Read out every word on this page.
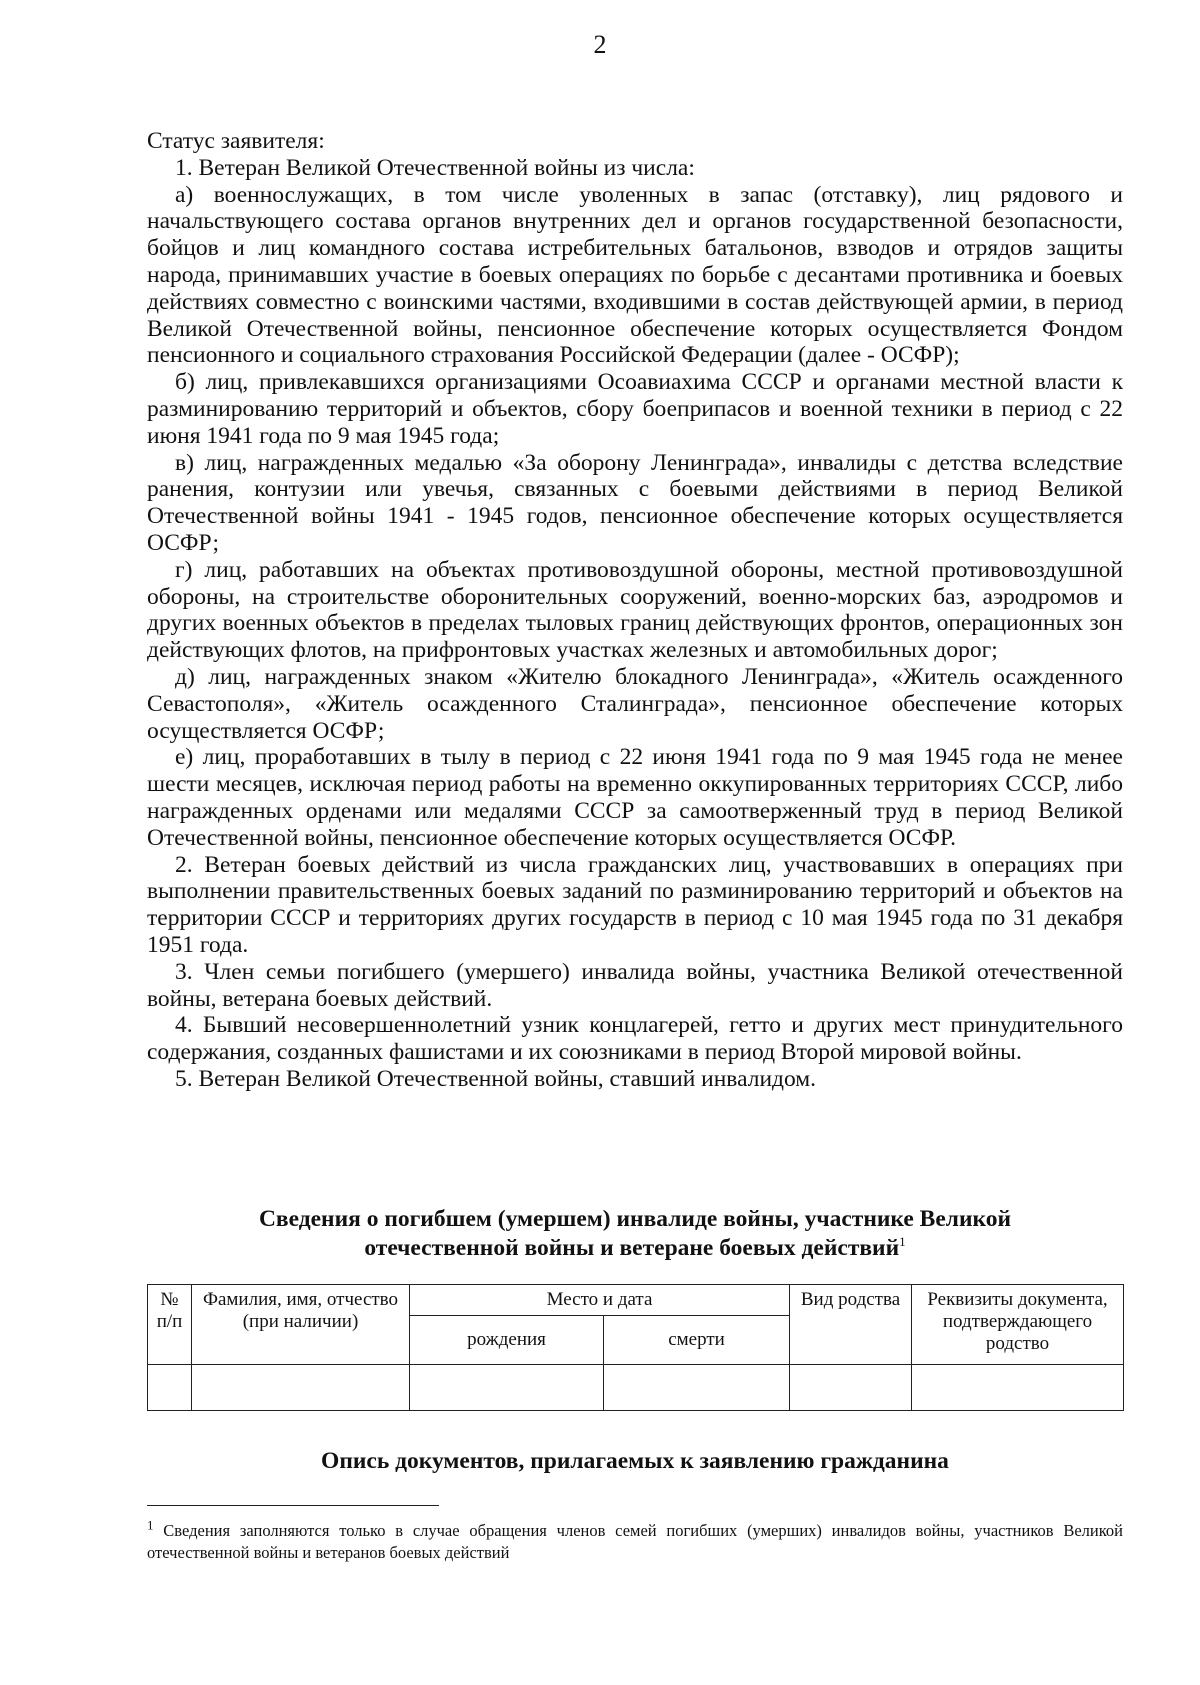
2

Статус заявителя:

1. Ветеран Великой Отечественной войны из числа:

а) военнослужащих, в том числе уволенных в запас (отставку), лиц рядового и начальствующего состава органов внутренних дел и органов государственной безопасности, бойцов и лиц командного состава истребительных батальонов, взводов и отрядов защиты народа, принимавших участие в боевых операциях по борьбе с десантами противника и боевых действиях совместно с воинскими частями, входившими в состав действующей армии, в период Великой Отечественной войны, пенсионное обеспечение которых осуществляется Фондом пенсионного и социального страхования Российской Федерации (далее - ОСФР);

б) лиц, привлекавшихся организациями Осоавиахима СССР и органами местной власти к разминированию территорий и объектов, сбору боеприпасов и военной техники в период с 22 июня 1941 года по 9 мая 1945 года;

в) лиц, награжденных медалью «За оборону Ленинграда», инвалиды с детства вследствие ранения, контузии или увечья, связанных с боевыми действиями в период Великой Отечественной войны 1941 - 1945 годов, пенсионное обеспечение которых осуществляется ОСФР;

г) лиц, работавших на объектах противовоздушной обороны, местной противовоздушной обороны, на строительстве оборонительных сооружений, военно-морских баз, аэродромов и других военных объектов в пределах тыловых границ действующих фронтов, операционных зон действующих флотов, на прифронтовых участках железных и автомобильных дорог;

д) лиц, награжденных знаком «Жителю блокадного Ленинграда», «Житель осажденного Севастополя», «Житель осажденного Сталинграда», пенсионное обеспечение которых осуществляется ОСФР;

е) лиц, проработавших в тылу в период с 22 июня 1941 года по 9 мая 1945 года не менее шести месяцев, исключая период работы на временно оккупированных территориях СССР, либо награжденных орденами или медалями СССР за самоотверженный труд в период Великой Отечественной войны, пенсионное обеспечение которых осуществляется ОСФР.

2. Ветеран боевых действий из числа гражданских лиц, участвовавших в операциях при выполнении правительственных боевых заданий по разминированию территорий и объектов на территории СССР и территориях других государств в период с 10 мая 1945 года по 31 декабря 1951 года.

3. Член семьи погибшего (умершего) инвалида войны, участника Великой отечественной войны, ветерана боевых действий.

4. Бывший несовершеннолетний узник концлагерей, гетто и других мест принудительного содержания, созданных фашистами и их союзниками в период Второй мировой войны.

5. Ветеран Великой Отечественной войны, ставший инвалидом.

Сведения о погибшем (умершем) инвалиде войны, участнике Великой
отечественной войны и ветеране боевых действий$^1$
№ п/п	Фамилия, имя, отчество (при наличии)	Место и дата		Вид родства	Реквизиты документа, подтверждающего родство
		рождения	смерти		

Опись документов, прилагаемых к заявлению гражданина
$^1$ Сведения заполняются только в случае обращения членов семей погибших (умерших) инвалидов войны, участников Великой отечественной войны и ветеранов боевых действий
